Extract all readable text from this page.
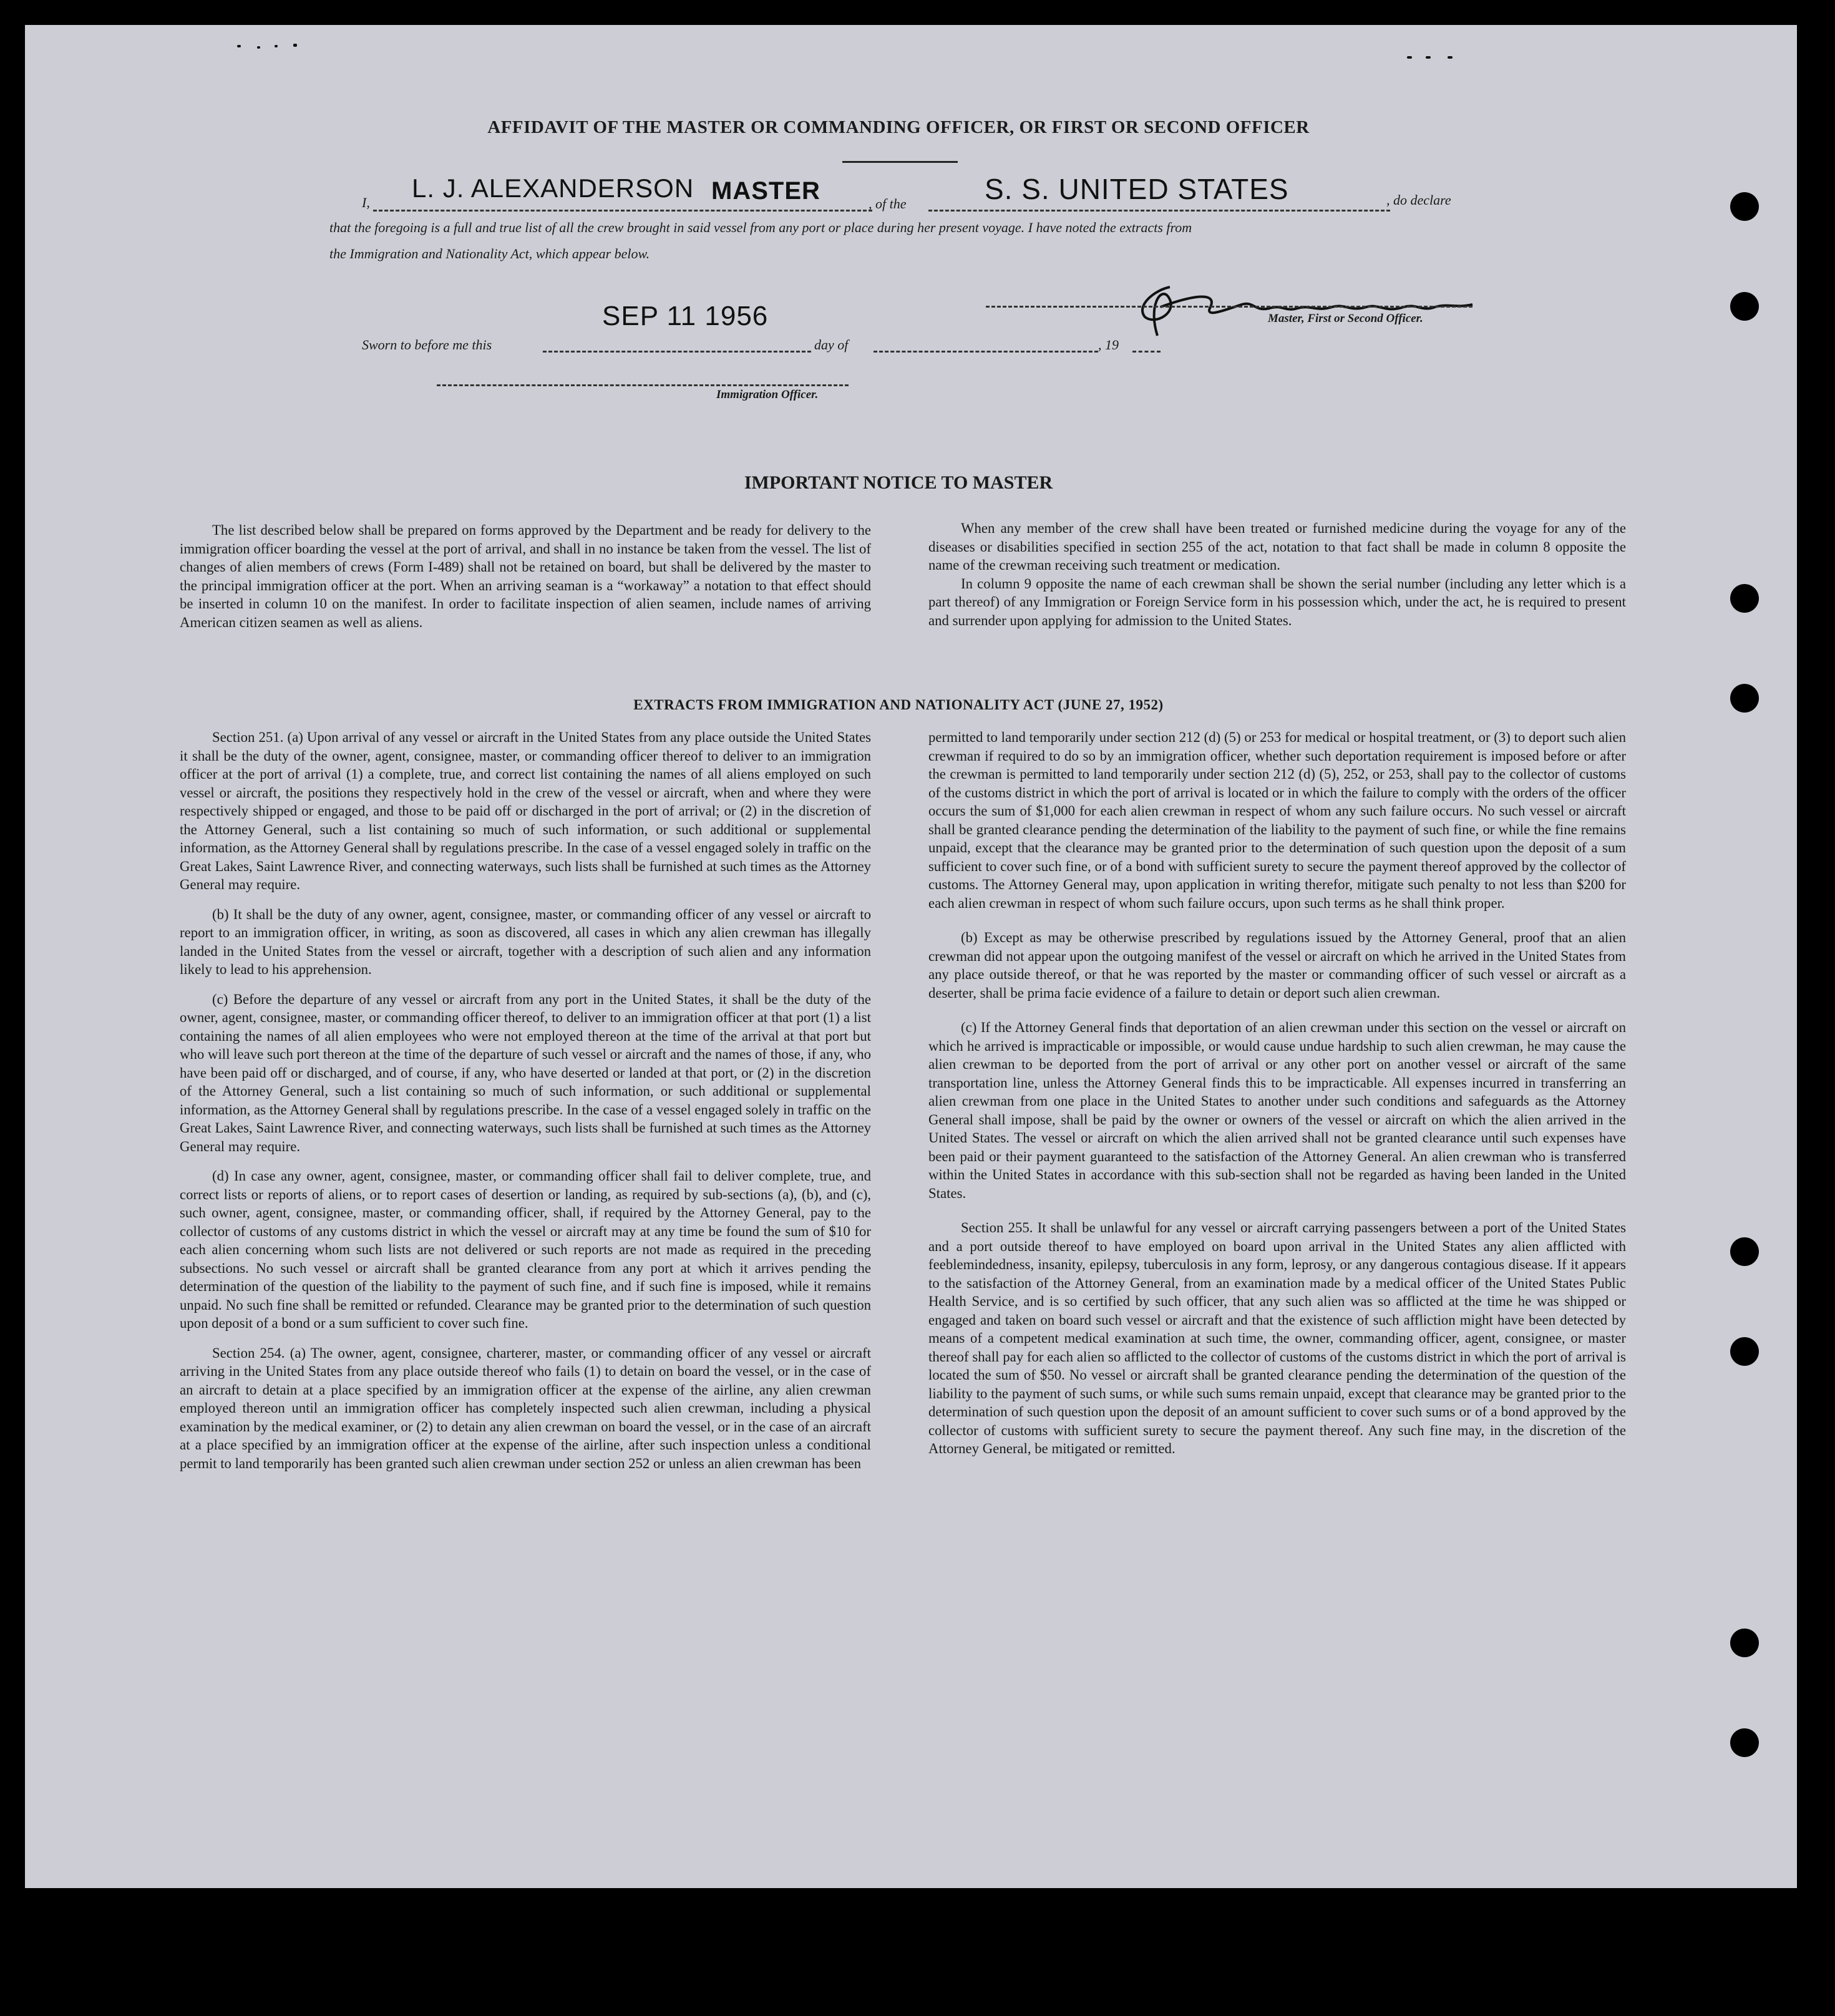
AFFIDAVIT OF THE MASTER OR COMMANDING OFFICER, OR FIRST OR SECOND OFFICER
I, L. J. ALEXANDERSON MASTER	, of the	S. S. UNITED STATES	, do declare
that the foregoing is a full and true list of all the crew brought in said vessel from any port or place during her present voyage. I have noted the extracts from
the Immigration and Nationality Act, which appear below.
SEP 11 1956	Master, First or Second Officer.
Sworn to before me this	day of	, 19
Immigration Officer.
IMPORTANT NOTICE TO MASTER

The list described below shall be prepared on forms approved by the Department and be ready for delivery to the immigration officer boarding the vessel at the port of arrival, and shall in no instance be taken from the vessel. The list of changes of alien members of crews (Form I-489) shall not be retained on board, but shall be delivered by the master to the principal immigration officer at the port. When an arriving seaman is a “workaway” a notation to that effect should be inserted in column 10 on the manifest. In order to facilitate inspection of alien seamen, include names of arriving American citizen seamen as well as aliens.

When any member of the crew shall have been treated or furnished medicine during the voyage for any of the diseases or disabilities specified in section 255 of the act, notation to that fact shall be made in column 8 opposite the name of the crewman receiving such treatment or medication.

In column 9 opposite the name of each crewman shall be shown the serial number (including any letter which is a part thereof) of any Immigration or Foreign Service form in his possession which, under the act, he is required to present and surrender upon applying for admission to the United States.

EXTRACTS FROM IMMIGRATION AND NATIONALITY ACT (JUNE 27, 1952)

Section 251. (a) Upon arrival of any vessel or aircraft in the United States from any place outside the United States it shall be the duty of the owner, agent, consignee, master, or commanding officer thereof to deliver to an immigration officer at the port of arrival (1) a complete, true, and correct list containing the names of all aliens employed on such vessel or aircraft, the positions they respectively hold in the crew of the vessel or aircraft, when and where they were respectively shipped or engaged, and those to be paid off or discharged in the port of arrival; or (2) in the discretion of the Attorney General, such a list containing so much of such information, or such additional or supplemental information, as the Attorney General shall by regulations prescribe. In the case of a vessel engaged solely in traffic on the Great Lakes, Saint Lawrence River, and connecting waterways, such lists shall be furnished at such times as the Attorney General may require.

(b) It shall be the duty of any owner, agent, consignee, master, or commanding officer of any vessel or aircraft to report to an immigration officer, in writing, as soon as discovered, all cases in which any alien crewman has illegally landed in the United States from the vessel or aircraft, together with a description of such alien and any information likely to lead to his apprehension.

(c) Before the departure of any vessel or aircraft from any port in the United States, it shall be the duty of the owner, agent, consignee, master, or commanding officer thereof, to deliver to an immigration officer at that port (1) a list containing the names of all alien employees who were not employed thereon at the time of the arrival at that port but who will leave such port thereon at the time of the departure of such vessel or aircraft and the names of those, if any, who have been paid off or discharged, and of course, if any, who have deserted or landed at that port, or (2) in the discretion of the Attorney General, such a list containing so much of such information, or such additional or supplemental information, as the Attorney General shall by regulations prescribe. In the case of a vessel engaged solely in traffic on the Great Lakes, Saint Lawrence River, and connecting waterways, such lists shall be furnished at such times as the Attorney General may require.

(d) In case any owner, agent, consignee, master, or commanding officer shall fail to deliver complete, true, and correct lists or reports of aliens, or to report cases of desertion or landing, as required by sub-sections (a), (b), and (c), such owner, agent, consignee, master, or commanding officer, shall, if required by the Attorney General, pay to the collector of customs of any customs district in which the vessel or aircraft may at any time be found the sum of $10 for each alien concerning whom such lists are not delivered or such reports are not made as required in the preceding subsections. No such vessel or aircraft shall be granted clearance from any port at which it arrives pending the determination of the question of the liability to the payment of such fine, and if such fine is imposed, while it remains unpaid. No such fine shall be remitted or refunded. Clearance may be granted prior to the determination of such question upon deposit of a bond or a sum sufficient to cover such fine.

Section 254. (a) The owner, agent, consignee, charterer, master, or commanding officer of any vessel or aircraft arriving in the United States from any place outside thereof who fails (1) to detain on board the vessel, or in the case of an aircraft to detain at a place specified by an immigration officer at the expense of the airline, any alien crewman employed thereon until an immigration officer has completely inspected such alien crewman, including a physical examination by the medical examiner, or (2) to detain any alien crewman on board the vessel, or in the case of an aircraft at a place specified by an immigration officer at the expense of the airline, after such inspection unless a conditional permit to land temporarily has been granted such alien crewman under section 252 or unless an alien crewman has been

permitted to land temporarily under section 212 (d) (5) or 253 for medical or hospital treatment, or (3) to deport such alien crewman if required to do so by an immigration officer, whether such deportation requirement is imposed before or after the crewman is permitted to land temporarily under section 212 (d) (5), 252, or 253, shall pay to the collector of customs of the customs district in which the port of arrival is located or in which the failure to comply with the orders of the officer occurs the sum of $1,000 for each alien crewman in respect of whom any such failure occurs. No such vessel or aircraft shall be granted clearance pending the determination of the liability to the payment of such fine, or while the fine remains unpaid, except that the clearance may be granted prior to the determination of such question upon the deposit of a sum sufficient to cover such fine, or of a bond with sufficient surety to secure the payment thereof approved by the collector of customs. The Attorney General may, upon application in writing therefor, mitigate such penalty to not less than $200 for each alien crewman in respect of whom such failure occurs, upon such terms as he shall think proper.

(b) Except as may be otherwise prescribed by regulations issued by the Attorney General, proof that an alien crewman did not appear upon the outgoing manifest of the vessel or aircraft on which he arrived in the United States from any place outside thereof, or that he was reported by the master or commanding officer of such vessel or aircraft as a deserter, shall be prima facie evidence of a failure to detain or deport such alien crewman.

(c) If the Attorney General finds that deportation of an alien crewman under this section on the vessel or aircraft on which he arrived is impracticable or impossible, or would cause undue hardship to such alien crewman, he may cause the alien crewman to be deported from the port of arrival or any other port on another vessel or aircraft of the same transportation line, unless the Attorney General finds this to be impracticable. All expenses incurred in transferring an alien crewman from one place in the United States to another under such conditions and safeguards as the Attorney General shall impose, shall be paid by the owner or owners of the vessel or aircraft on which the alien arrived in the United States. The vessel or aircraft on which the alien arrived shall not be granted clearance until such expenses have been paid or their payment guaranteed to the satisfaction of the Attorney General. An alien crewman who is transferred within the United States in accordance with this sub-section shall not be regarded as having been landed in the United States.

Section 255. It shall be unlawful for any vessel or aircraft carrying passengers between a port of the United States and a port outside thereof to have employed on board upon arrival in the United States any alien afflicted with feeblemindedness, insanity, epilepsy, tuberculosis in any form, leprosy, or any dangerous contagious disease. If it appears to the satisfaction of the Attorney General, from an examination made by a medical officer of the United States Public Health Service, and is so certified by such officer, that any such alien was so afflicted at the time he was shipped or engaged and taken on board such vessel or aircraft and that the existence of such affliction might have been detected by means of a competent medical examination at such time, the owner, commanding officer, agent, consignee, or master thereof shall pay for each alien so afflicted to the collector of customs of the customs district in which the port of arrival is located the sum of $50. No vessel or aircraft shall be granted clearance pending the determination of the question of the liability to the payment of such sums, or while such sums remain unpaid, except that clearance may be granted prior to the determination of such question upon the deposit of an amount sufficient to cover such sums or of a bond approved by the collector of customs with sufficient surety to secure the payment thereof. Any such fine may, in the discretion of the Attorney General, be mitigated or remitted.
